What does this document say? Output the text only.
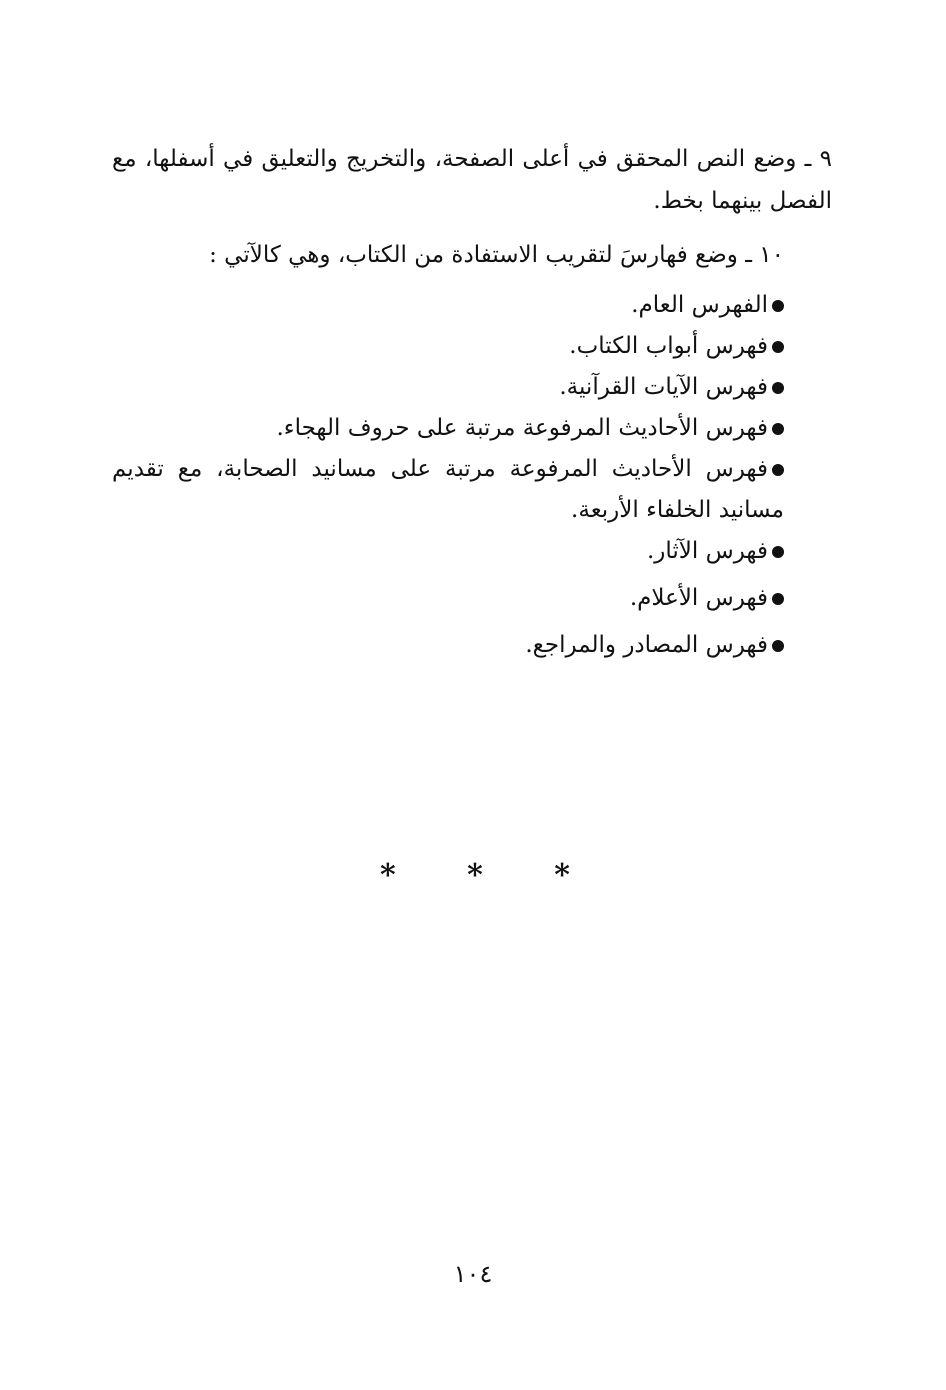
٩ ـ وضع النص المحقق في أعلى الصفحة، والتخريج والتعليق في أسفلها، مع الفصل بينهما بخط.
١٠ ـ وضع فهارسَ لتقريب الاستفادة من الكتاب، وهي كالآتي :
الفهرس العام.
فهرس أبواب الكتاب.
فهرس الآيات القرآنية.
فهرس الأحاديث المرفوعة مرتبة على حروف الهجاء.
فهرس الأحاديث المرفوعة مرتبة على مسانيد الصحابة، مع تقديم مسانيد الخلفاء الأربعة.
فهرس الآثار.
فهرس الأعلام.
فهرس المصادر والمراجع.
* * *
١٠٤
